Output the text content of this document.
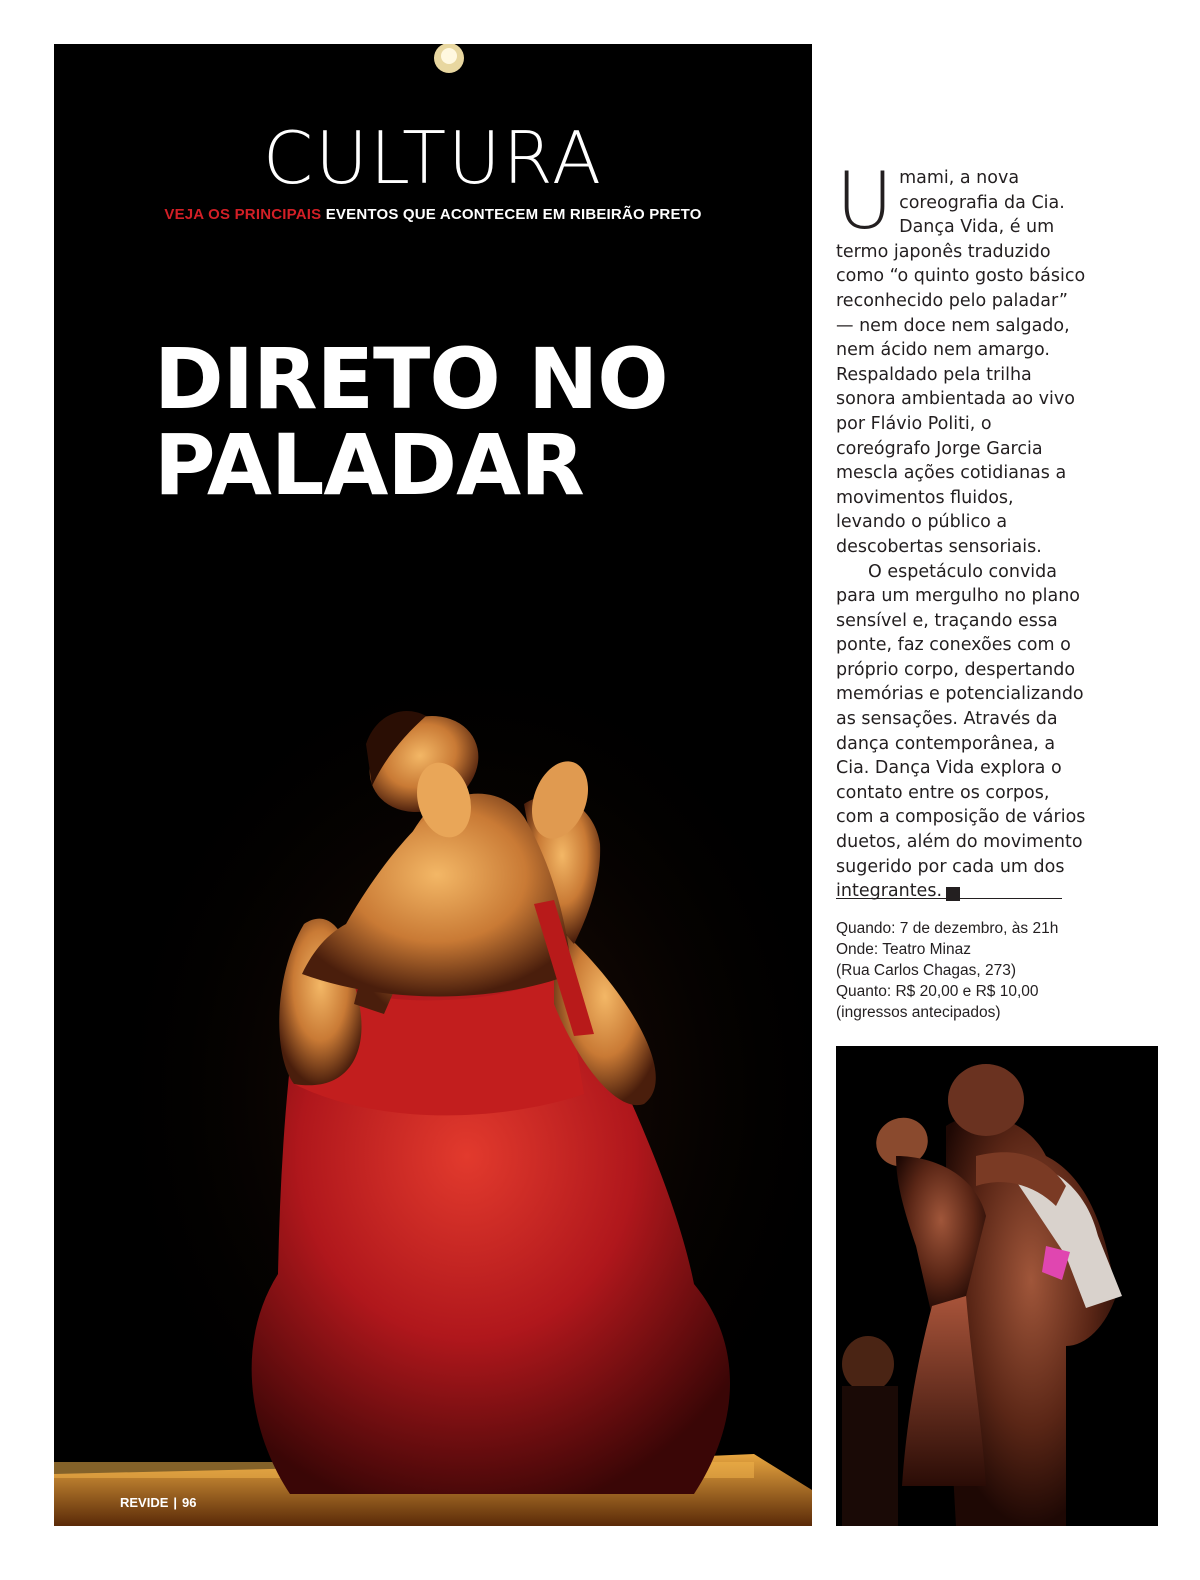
CULTURA
VEJA OS PRINCIPAIS EVENTOS QUE ACONTECEM EM RIBEIRÃO PRETO
DIRETO NO
PALADAR
REVIDE | 96

Umami, a nova coreografia da Cia. Dança Vida, é um termo japonês traduzido como “o quinto gosto básico reconhecido pelo paladar” — nem doce nem salgado, nem ácido nem amargo. Respaldado pela trilha sonora ambientada ao vivo por Flávio Politi, o coreógrafo Jorge Garcia mescla ações cotidianas a movimentos fluidos, levando o público a descobertas sensoriais.

O espetáculo convida para um mergulho no plano sensível e, traçando essa ponte, faz conexões com o próprio corpo, despertando memórias e potencializando as sensações. Através da dança contemporânea, a Cia. Dança Vida explora o contato entre os corpos, com a composição de vários duetos, além do movimento sugerido por cada um dos integrantes.	r

Quando: 7 de dezembro, às 21h
Onde: Teatro Minaz
(Rua Carlos Chagas, 273)
Quanto: R$ 20,00 e R$ 10,00
(ingressos antecipados)
